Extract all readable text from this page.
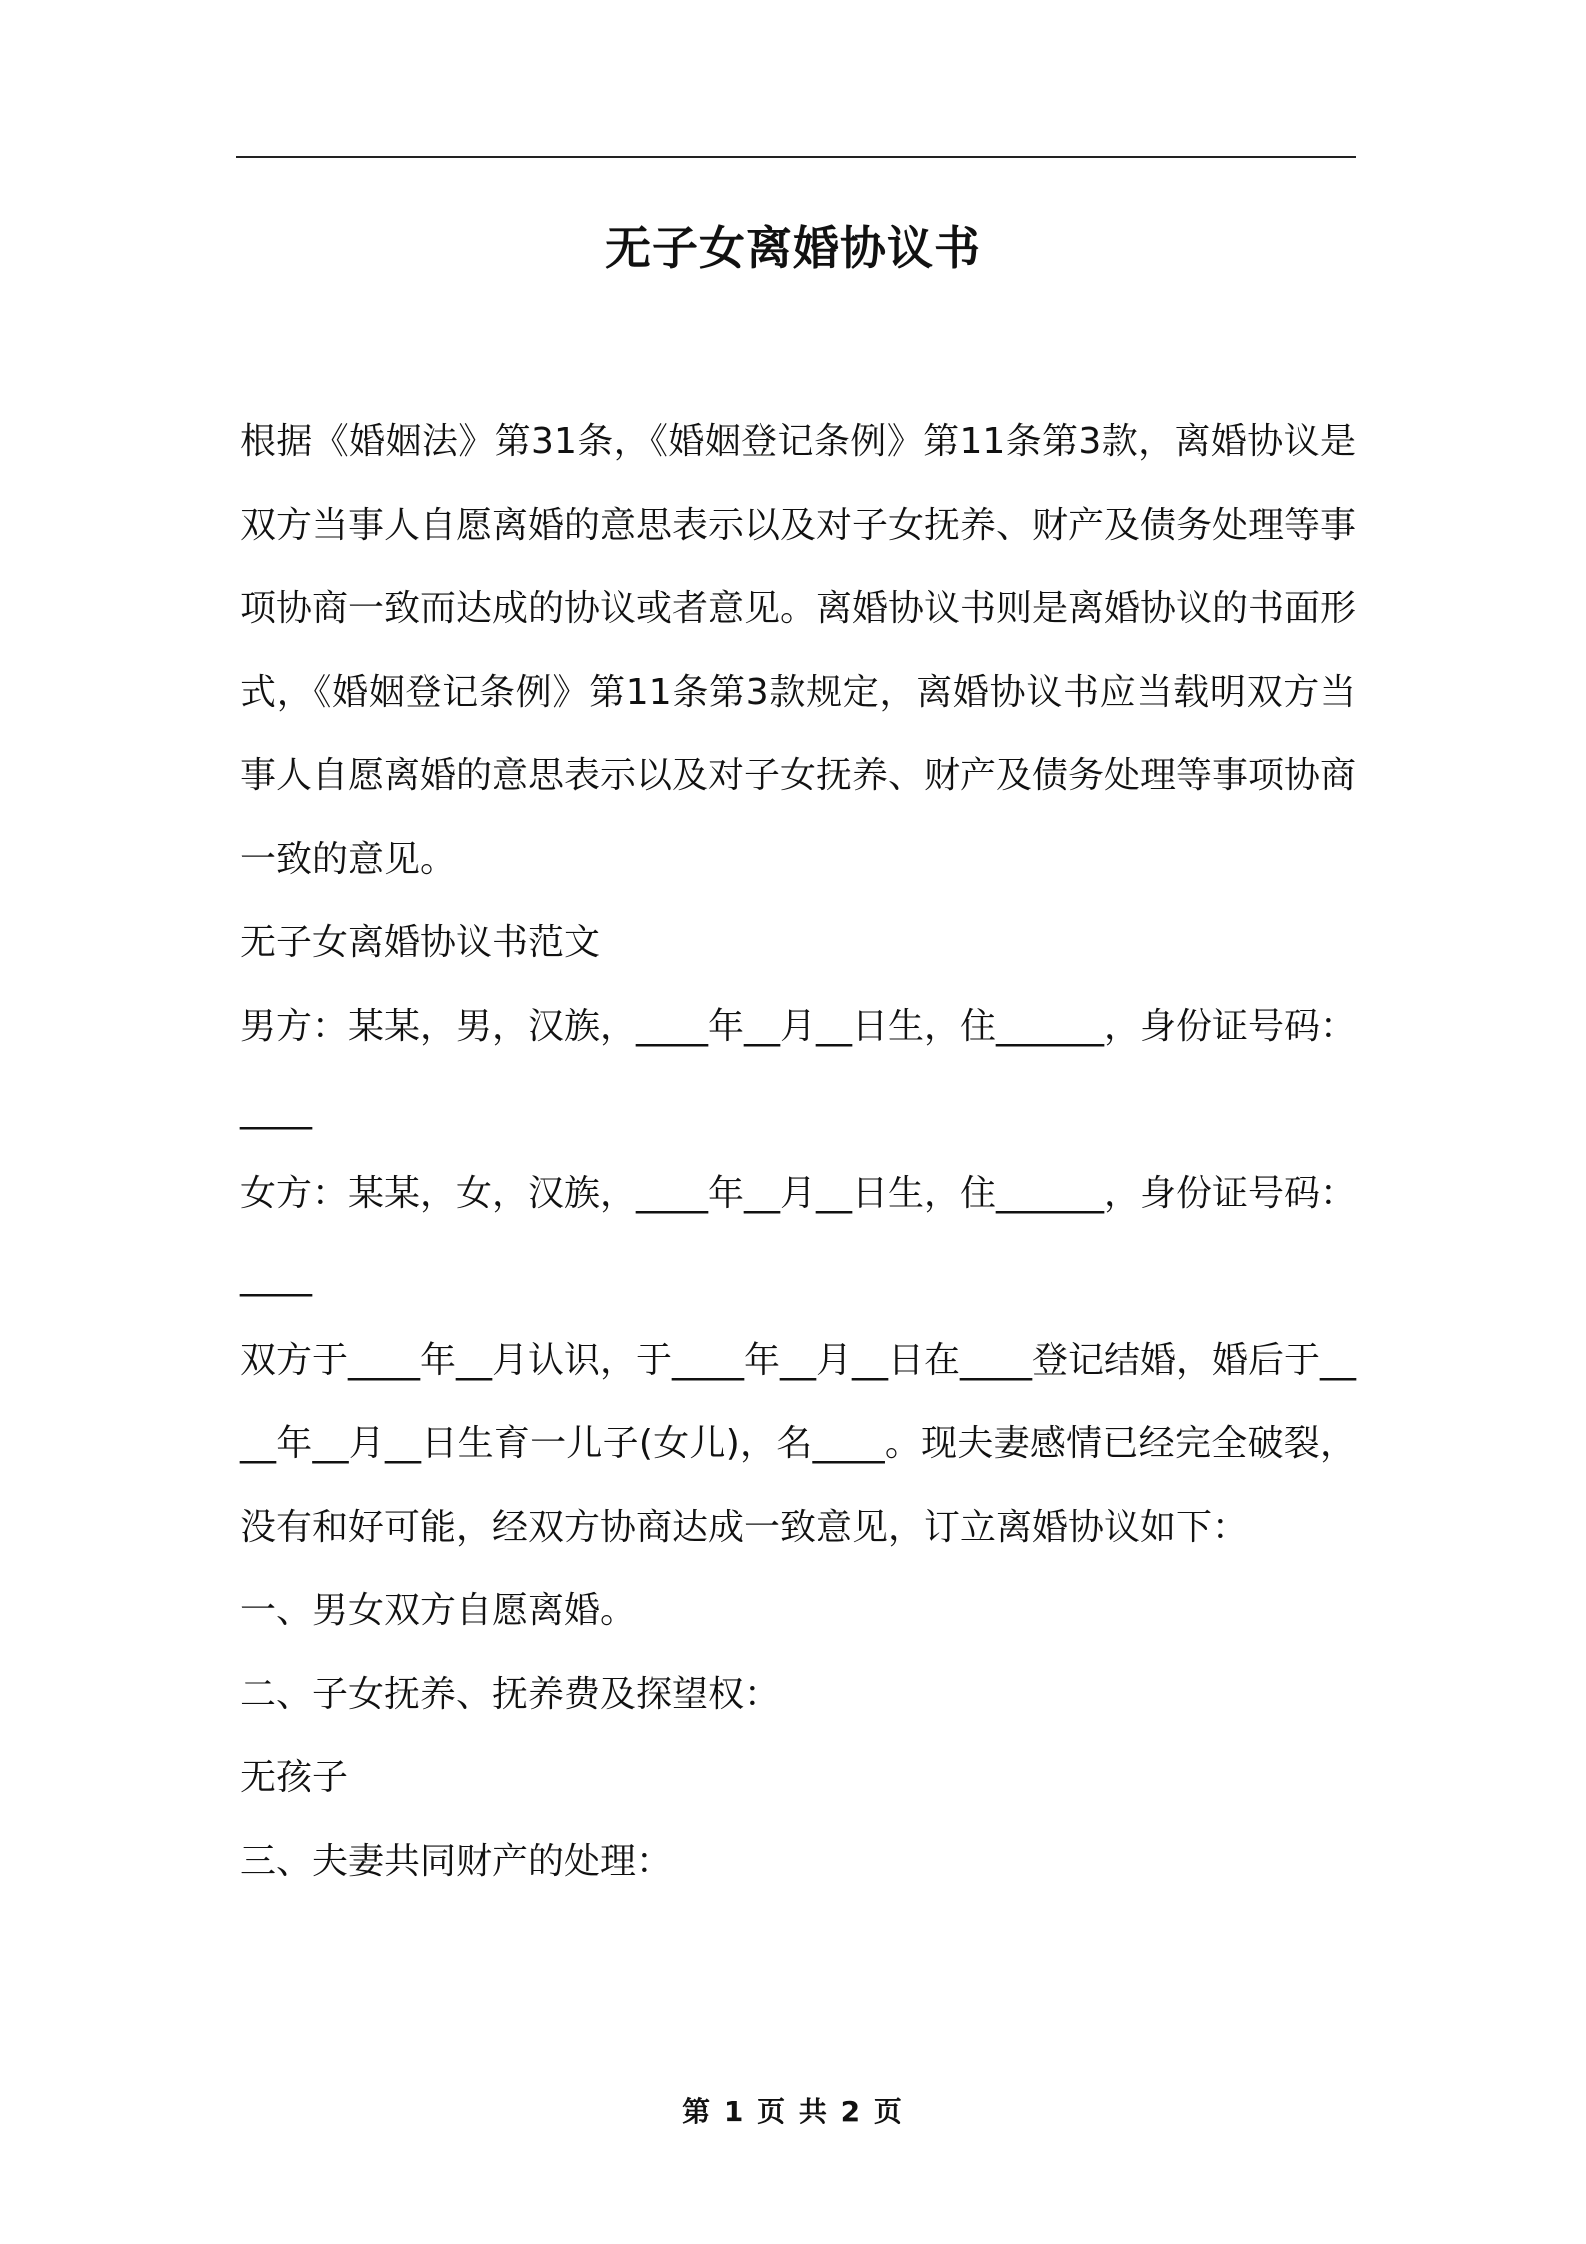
无子女离婚协议书

根据《婚姻法》第31条，《婚姻登记条例》第11条第3款，离婚协议是双方当事人自愿离婚的意思表示以及对子女抚养、财产及债务处理等事项协商一致而达成的协议或者意见。离婚协议书则是离婚协议的书面形式，《婚姻登记条例》第11条第3款规定，离婚协议书应当载明双方当事人自愿离婚的意思表示以及对子女抚养、财产及债务处理等事项协商一致的意见。

无子女离婚协议书范文

男方：某某，男，汉族，____年__月__日生，住______，身份证号码：____

女方：某某，女，汉族，____年__月__日生，住______，身份证号码：____

双方于____年__月认识，于____年__月__日在____登记结婚，婚后于____年__月__日生育一儿子(女儿)，名____。现夫妻感情已经完全破裂，没有和好可能，经双方协商达成一致意见，订立离婚协议如下：

一、男女双方自愿离婚。

二、子女抚养、抚养费及探望权：

无孩子

三、夫妻共同财产的处理：

第 1 页 共 2 页
